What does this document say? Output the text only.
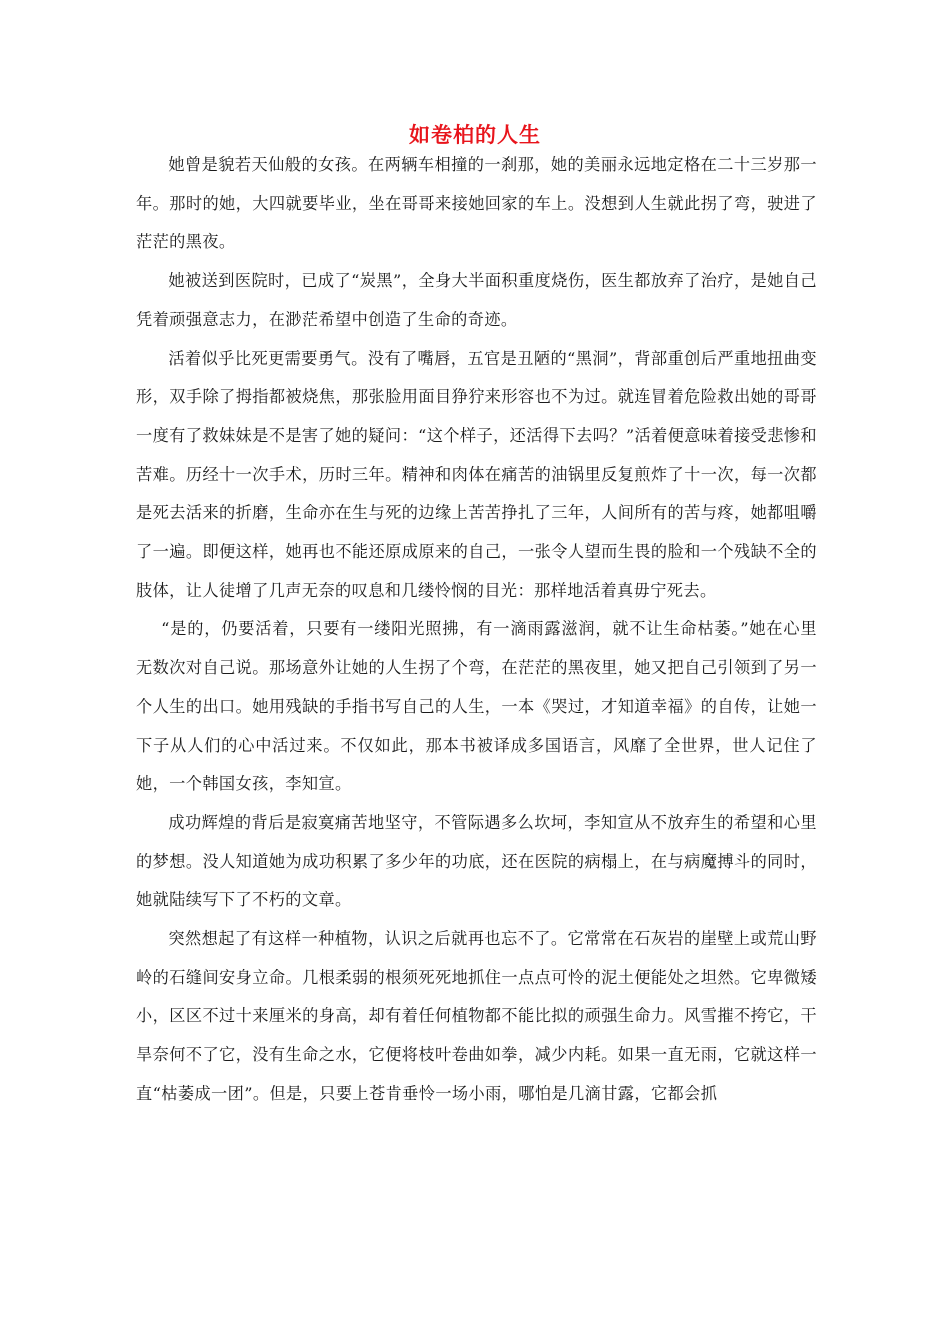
如卷柏的人生

她曾是貌若天仙般的女孩。在两辆车相撞的一刹那，她的美丽永远地定格在二十三岁那一年。那时的她，大四就要毕业，坐在哥哥来接她回家的车上。没想到人生就此拐了弯，驶进了茫茫的黑夜。

她被送到医院时，已成了“炭黑”，全身大半面积重度烧伤，医生都放弃了治疗，是她自己凭着顽强意志力，在渺茫希望中创造了生命的奇迹。

活着似乎比死更需要勇气。没有了嘴唇，五官是丑陋的“黑洞”，背部重创后严重地扭曲变形，双手除了拇指都被烧焦，那张脸用面目狰狞来形容也不为过。就连冒着危险救出她的哥哥一度有了救妹妹是不是害了她的疑问：“这个样子，还活得下去吗？”活着便意味着接受悲惨和苦难。历经十一次手术，历时三年。精神和肉体在痛苦的油锅里反复煎炸了十一次，每一次都是死去活来的折磨，生命亦在生与死的边缘上苦苦挣扎了三年，人间所有的苦与疼，她都咀嚼了一遍。即便这样，她再也不能还原成原来的自己，一张令人望而生畏的脸和一个残缺不全的肢体，让人徒增了几声无奈的叹息和几缕怜悯的目光：那样地活着真毋宁死去。

“是的，仍要活着，只要有一缕阳光照拂，有一滴雨露滋润，就不让生命枯萎。”她在心里无数次对自己说。那场意外让她的人生拐了个弯，在茫茫的黑夜里，她又把自己引领到了另一个人生的出口。她用残缺的手指书写自己的人生，一本《哭过，才知道幸福》的自传，让她一下子从人们的心中活过来。不仅如此，那本书被译成多国语言，风靡了全世界，世人记住了她，一个韩国女孩，李知宣。

成功辉煌的背后是寂寞痛苦地坚守，不管际遇多么坎坷，李知宣从不放弃生的希望和心里的梦想。没人知道她为成功积累了多少年的功底，还在医院的病榻上，在与病魔搏斗的同时，她就陆续写下了不朽的文章。

突然想起了有这样一种植物，认识之后就再也忘不了。它常常在石灰岩的崖壁上或荒山野岭的石缝间安身立命。几根柔弱的根须死死地抓住一点点可怜的泥土便能处之坦然。它卑微矮小，区区不过十来厘米的身高，却有着任何植物都不能比拟的顽强生命力。风雪摧不挎它，干旱奈何不了它，没有生命之水，它便将枝叶卷曲如拳，减少内耗。如果一直无雨，它就这样一直“枯萎成一团”。但是，只要上苍肯垂怜一场小雨，哪怕是几滴甘露，它都会抓
